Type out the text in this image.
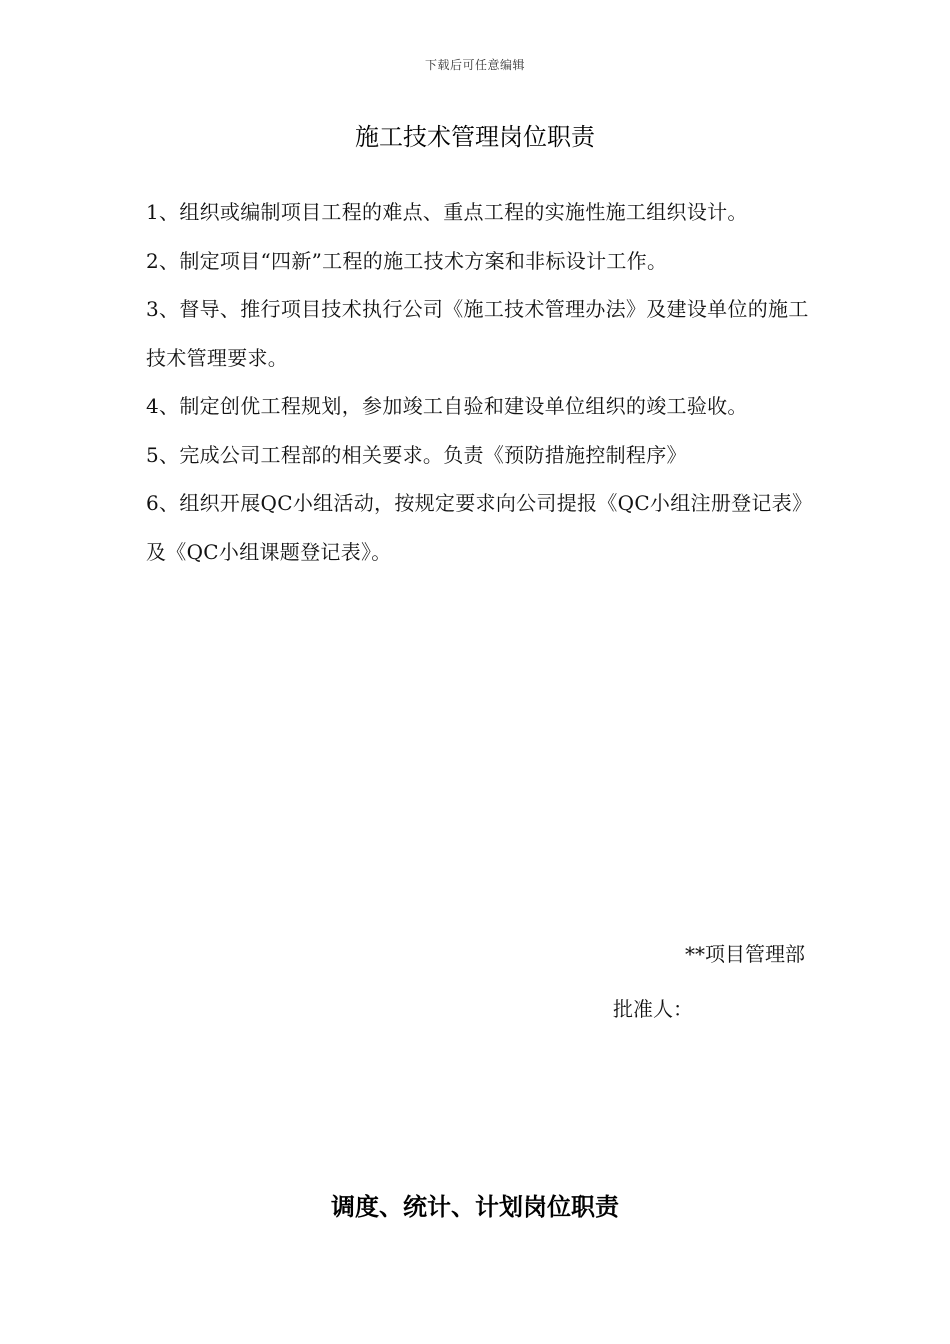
下载后可任意编辑
施工技术管理岗位职责

1、组织或编制项目工程的难点、重点工程的实施性施工组织设计。

2、制定项目“四新”工程的施工技术方案和非标设计工作。

3、督导、推行项目技术执行公司《施工技术管理办法》及建设单位的施工技术管理要求。

4、制定创优工程规划，参加竣工自验和建设单位组织的竣工验收。

5、完成公司工程部的相关要求。负责《预防措施控制程序》

6、组织开展QC小组活动，按规定要求向公司提报《QC小组注册登记表》及《QC小组课题登记表》。

**项目管理部
批准人：
调度、统计、计划岗位职责
